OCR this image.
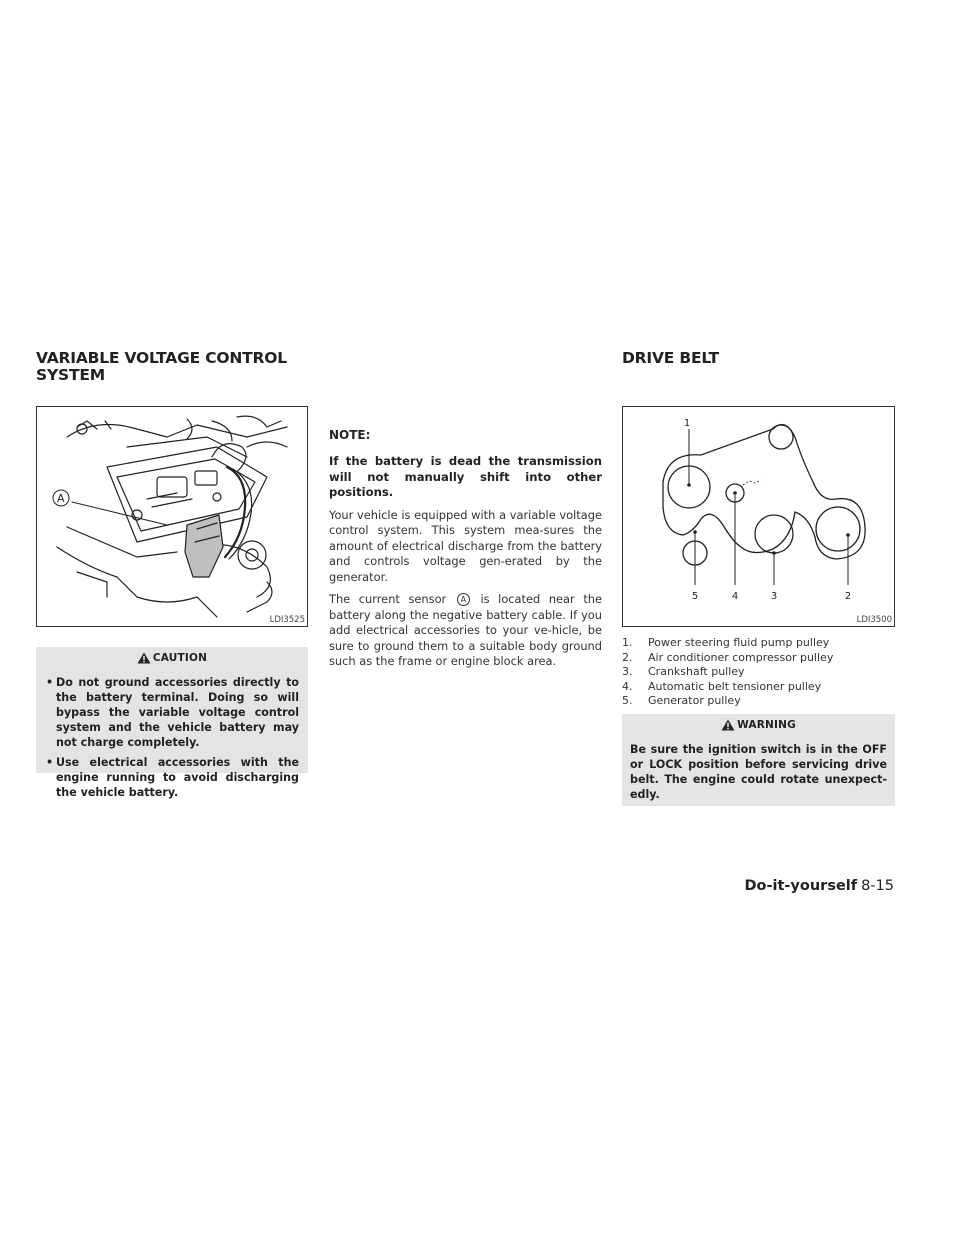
VARIABLE VOLTAGE CONTROL
SYSTEM
DRIVE BELT
A
LDI3525
CAUTION
• Do not ground accessories directly to the battery terminal. Doing so will bypass the variable voltage control system and the vehicle battery may not charge completely.
• Use electrical accessories with the engine running to avoid discharging the vehicle battery.

NOTE:

If the battery is dead the transmission will not manually shift into other positions.

Your vehicle is equipped with a variable voltage control system. This system mea-sures the amount of electrical discharge from the battery and controls voltage gen-erated by the generator.

The current sensor A is located near the battery along the negative battery cable. If you add electrical accessories to your ve-hicle, be sure to ground them to a suitable body ground such as the frame or engine block area.

1
5	4	3	2
LDI3500
1.	Power steering fluid pump pulley
2.	Air conditioner compressor pulley
3.	Crankshaft pulley
4.	Automatic belt tensioner pulley
5.	Generator pulley
WARNING
Be sure the ignition switch is in the OFF or LOCK position before servicing drive belt. The engine could rotate unexpect-edly.
Do-it-yourself 8-15
